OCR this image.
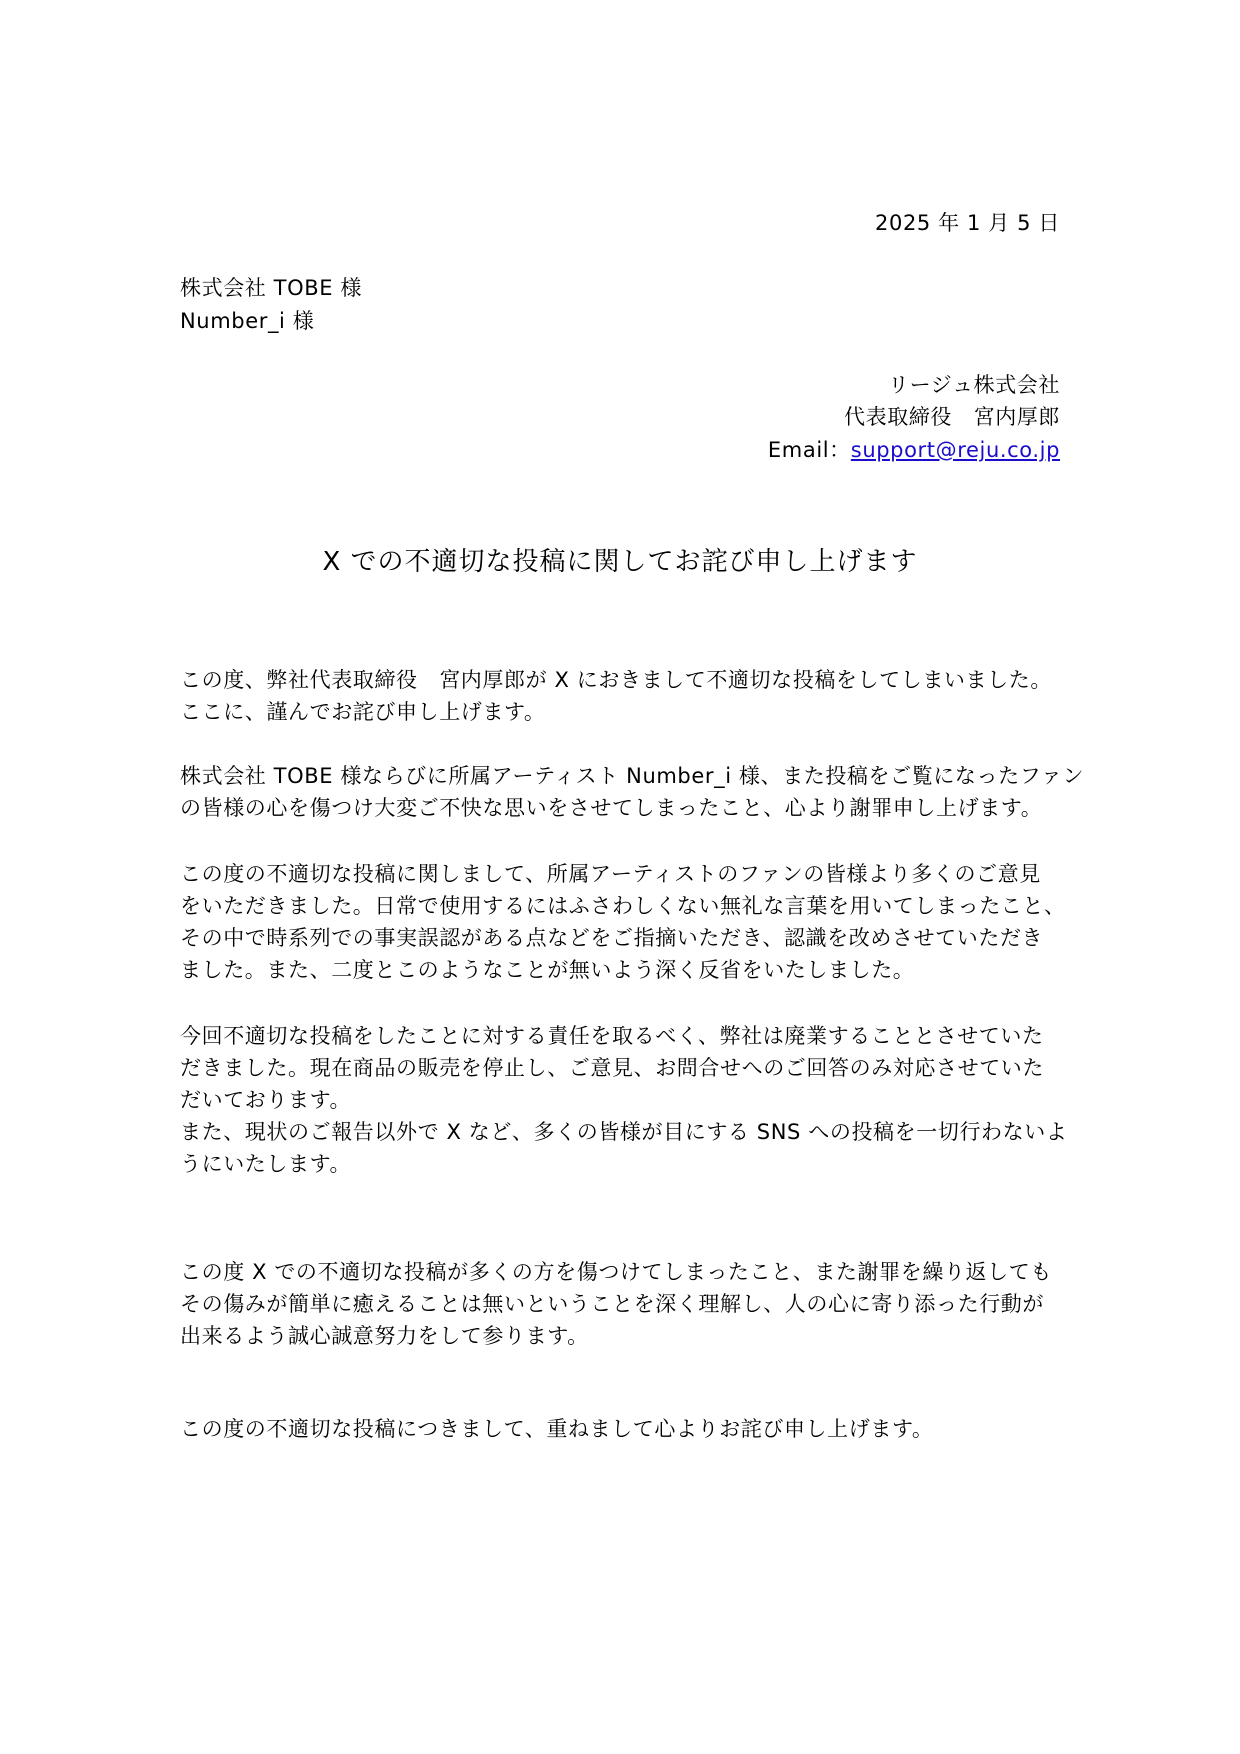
2025 年 1 月 5 日
株式会社 TOBE 様
Number_i 様
リージュ株式会社
代表取締役　宮内厚郎
Email：support@reju.co.jp
X での不適切な投稿に関してお詫び申し上げます
この度、弊社代表取締役　宮内厚郎が X におきまして不適切な投稿をしてしまいました。
ここに、謹んでお詫び申し上げます。
株式会社 TOBE 様ならびに所属アーティスト Number_i 様、また投稿をご覧になったファン
の皆様の心を傷つけ大変ご不快な思いをさせてしまったこと、心より謝罪申し上げます。
この度の不適切な投稿に関しまして、所属アーティストのファンの皆様より多くのご意見
をいただきました。日常で使用するにはふさわしくない無礼な言葉を用いてしまったこと、
その中で時系列での事実誤認がある点などをご指摘いただき、認識を改めさせていただき
ました。また、二度とこのようなことが無いよう深く反省をいたしました。
今回不適切な投稿をしたことに対する責任を取るべく、弊社は廃業することとさせていた
だきました。現在商品の販売を停止し、ご意見、お問合せへのご回答のみ対応させていた
だいております。
また、現状のご報告以外で X など、多くの皆様が目にする SNS への投稿を一切行わないよ
うにいたします。
この度 X での不適切な投稿が多くの方を傷つけてしまったこと、また謝罪を繰り返しても
その傷みが簡単に癒えることは無いということを深く理解し、人の心に寄り添った行動が
出来るよう誠心誠意努力をして参ります。
この度の不適切な投稿につきまして、重ねまして心よりお詫び申し上げます。
